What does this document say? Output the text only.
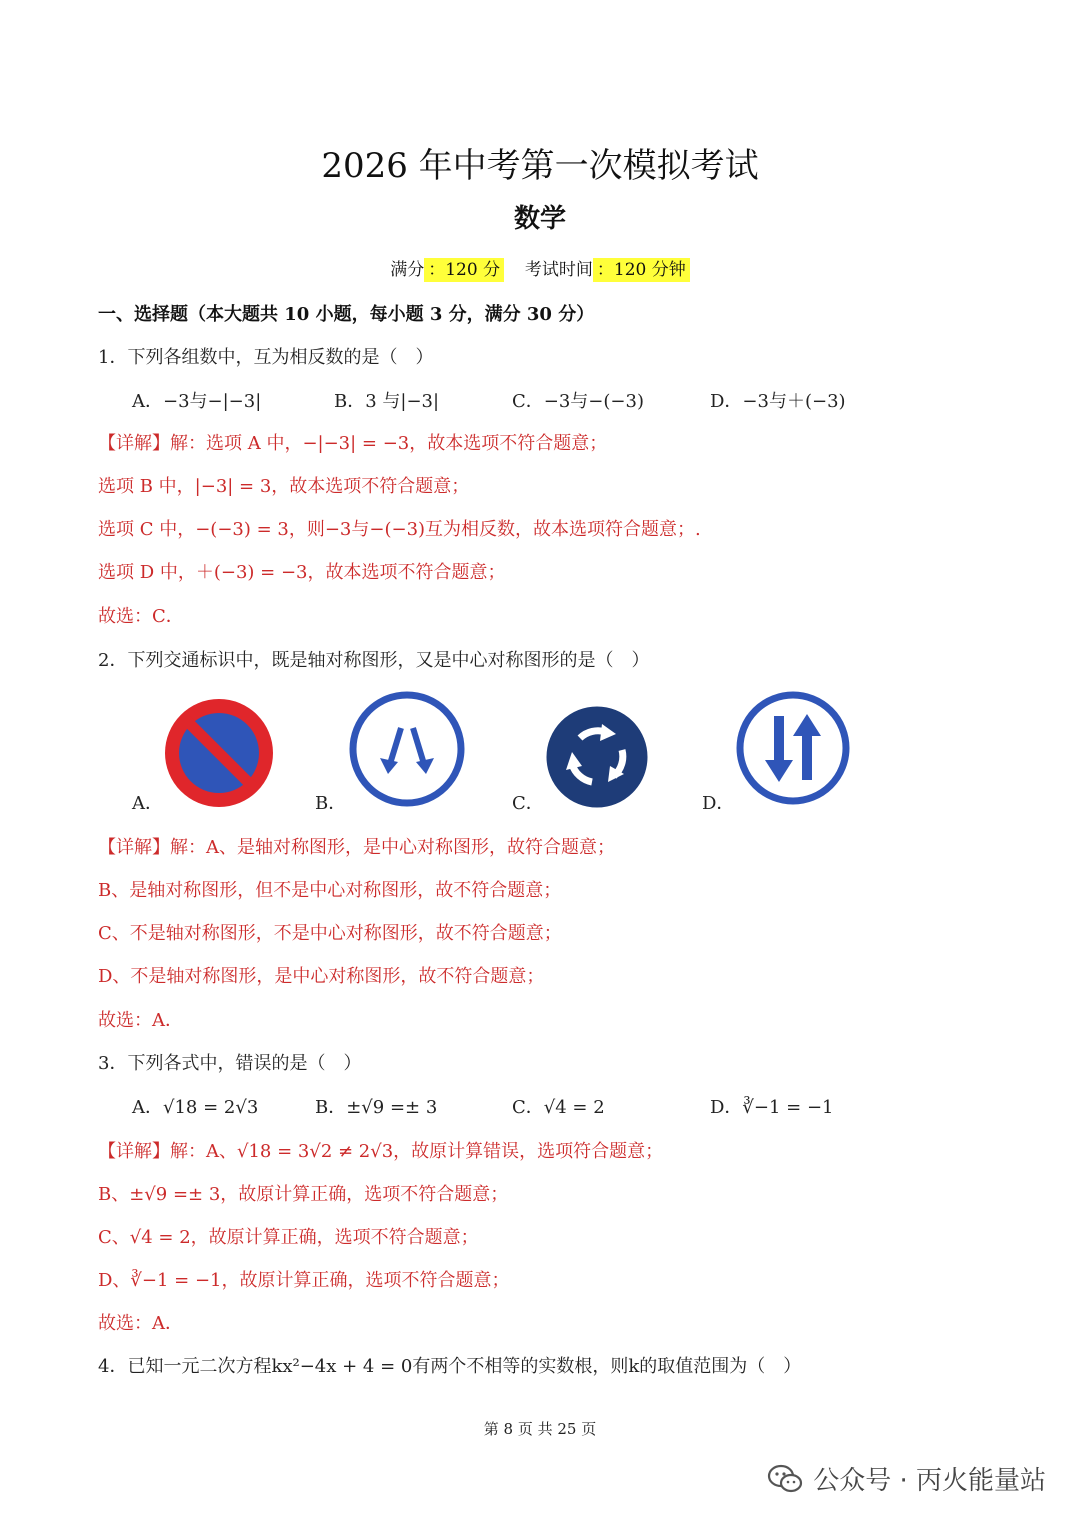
2026 年中考第一次模拟考试
数学
满分 ：120 分 考试时间 ：120 分钟
一、选择题（本大题共 10 小题，每小题 3 分，满分 30 分）
1．下列各组数中，互为相反数的是（　）
A．−3与−|−3|	B．3 与|−3|	C．−3与−(−3)	D．−3与＋(−3)
【详解】解：选项 A 中，−|−3| = −3，故本选项不符合题意；
选项 B 中，|−3| = 3，故本选项不符合题意；
选项 C 中，−(−3) = 3，则−3与−(−3)互为相反数，故本选项符合题意；.
选项 D 中，＋(−3) = −3，故本选项不符合题意；
故选：C．
2．下列交通标识中，既是轴对称图形，又是中心对称图形的是（　）
A．	B．	C．	D．
【详解】解：A、是轴对称图形，是中心对称图形，故符合题意；
B、是轴对称图形，但不是中心对称图形，故不符合题意；
C、不是轴对称图形，不是中心对称图形，故不符合题意；
D、不是轴对称图形，是中心对称图形，故不符合题意；
故选：A．
3．下列各式中，错误的是（　）
A．√18 = 2√3	B．±√9 =± 3	C．√4 = 2	D．∛−1 = −1
【详解】解：A、√18 = 3√2 ≠ 2√3，故原计算错误，选项符合题意；
B、±√9 =± 3，故原计算正确，选项不符合题意；
C、√4 = 2，故原计算正确，选项不符合题意；
D、∛−1 = −1，故原计算正确，选项不符合题意；
故选：A．
4．已知一元二次方程kx²−4x + 4 = 0有两个不相等的实数根，则k的取值范围为（　）
第 8 页 共 25 页
公众号 · 丙火能量站
